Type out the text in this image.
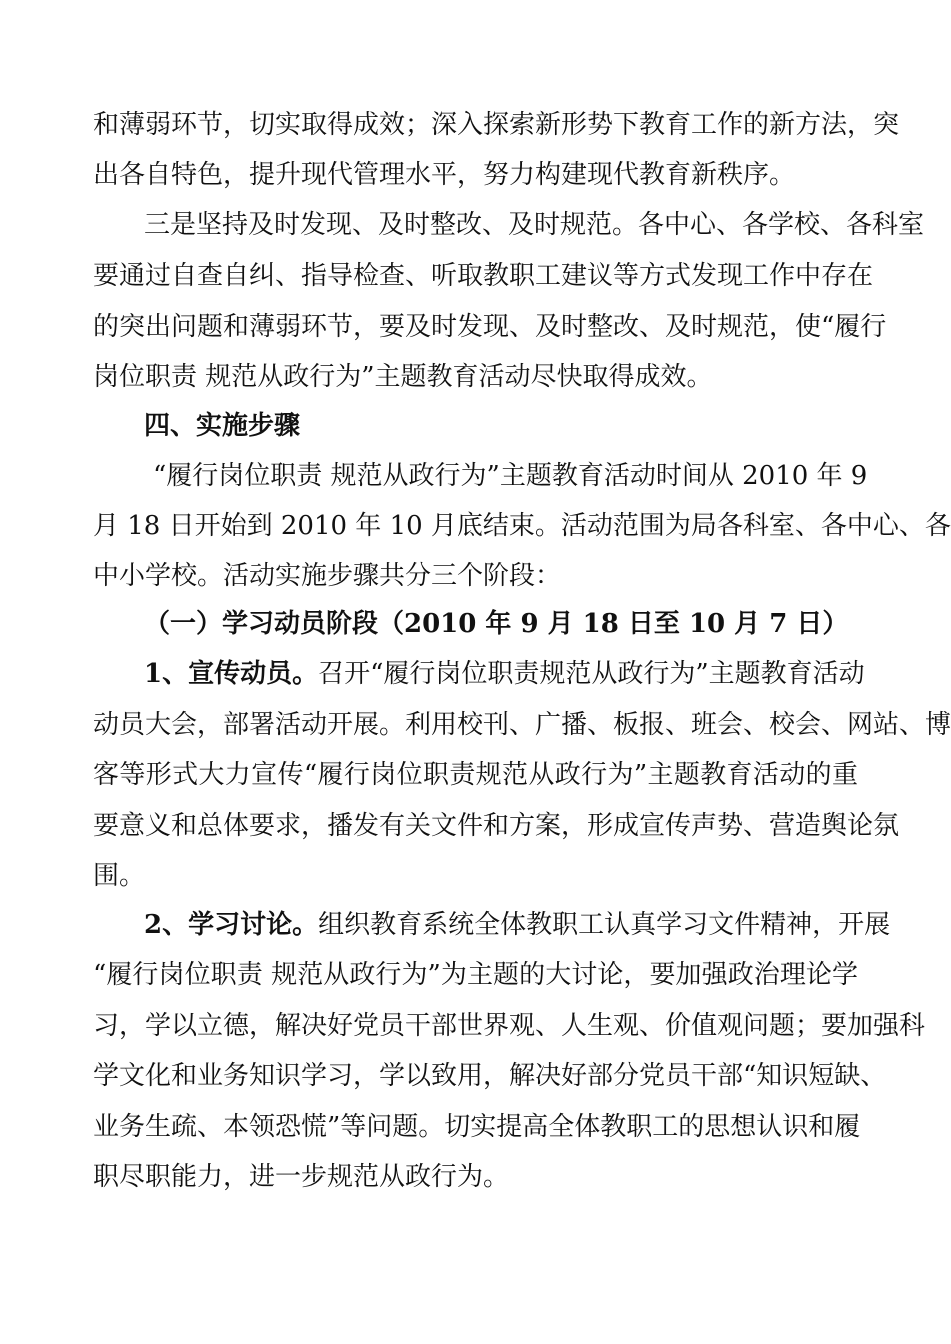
和薄弱环节，切实取得成效；深入探索新形势下教育工作的新方法，突
出各自特色，提升现代管理水平，努力构建现代教育新秩序。
三是坚持及时发现、及时整改、及时规范。各中心、各学校、各科室
要通过自查自纠、指导检查、听取教职工建议等方式发现工作中存在
的突出问题和薄弱环节，要及时发现、及时整改、及时规范，使“履行
岗位职责 规范从政行为”主题教育活动尽快取得成效。
四、实施步骤
“履行岗位职责 规范从政行为”主题教育活动时间从 2010 年 9
月 18 日开始到 2010 年 10 月底结束。活动范围为局各科室、各中心、各
中小学校。活动实施步骤共分三个阶段：
（一）学习动员阶段（2010 年 9 月 18 日至 10 月 7 日）
1、宣传动员。召开“履行岗位职责规范从政行为”主题教育活动
动员大会，部署活动开展。利用校刊、广播、板报、班会、校会、网站、博
客等形式大力宣传“履行岗位职责规范从政行为”主题教育活动的重
要意义和总体要求，播发有关文件和方案，形成宣传声势、营造舆论氛
围。
2、学习讨论。组织教育系统全体教职工认真学习文件精神，开展
“履行岗位职责 规范从政行为”为主题的大讨论，要加强政治理论学
习，学以立德，解决好党员干部世界观、人生观、价值观问题；要加强科
学文化和业务知识学习，学以致用，解决好部分党员干部“知识短缺、
业务生疏、本领恐慌”等问题。切实提高全体教职工的思想认识和履
职尽职能力，进一步规范从政行为。
